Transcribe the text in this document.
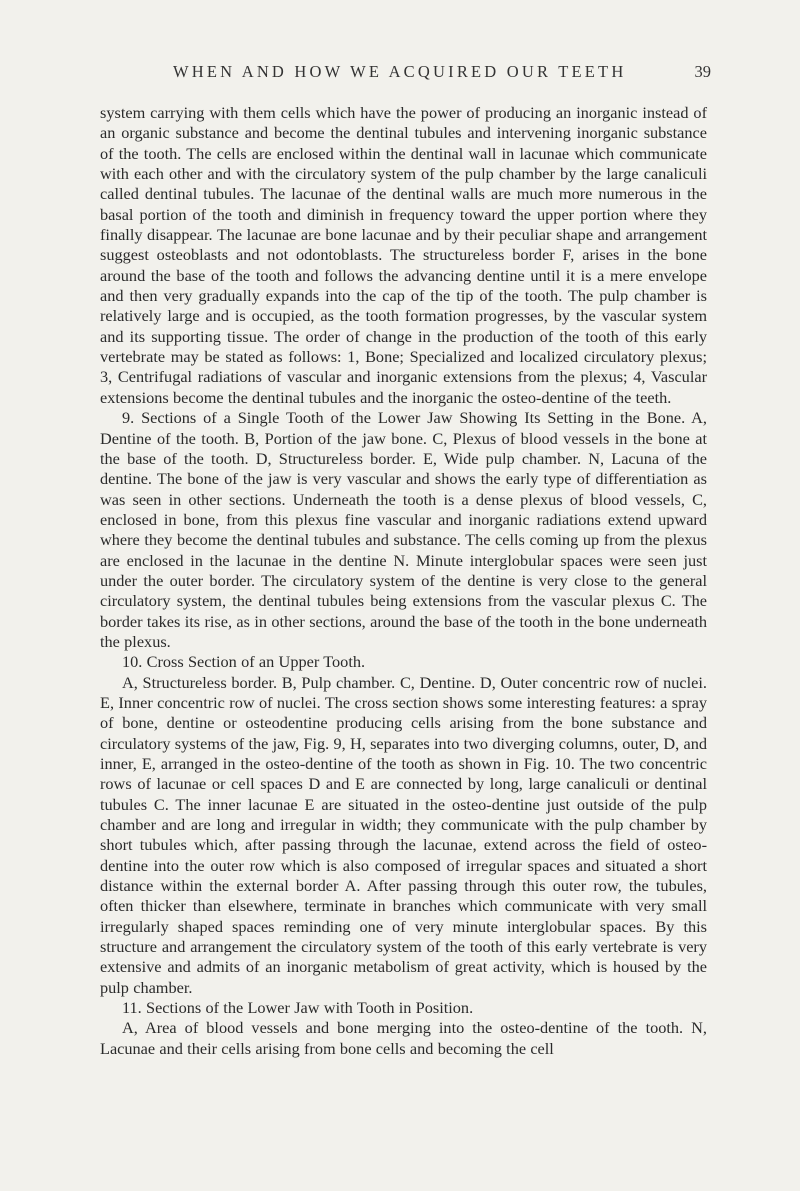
WHEN AND HOW WE ACQUIRED OUR TEETH	39

system carrying with them cells which have the power of producing an inorganic instead of an organic substance and become the dentinal tubules and intervening inorganic substance of the tooth. The cells are enclosed within the dentinal wall in lacunae which communicate with each other and with the circulatory system of the pulp chamber by the large canaliculi called dentinal tubules. The lacunae of the dentinal walls are much more numerous in the basal portion of the tooth and diminish in frequency toward the upper portion where they finally disappear. The lacunae are bone lacunae and by their peculiar shape and arrangement suggest osteoblasts and not odontoblasts. The structureless border F, arises in the bone around the base of the tooth and follows the advancing dentine until it is a mere envelope and then very gradually expands into the cap of the tip of the tooth. The pulp chamber is relatively large and is occupied, as the tooth formation progresses, by the vascular system and its supporting tissue. The order of change in the production of the tooth of this early vertebrate may be stated as follows: 1, Bone; Specialized and localized circulatory plexus; 3, Centrifugal radiations of vascular and inorganic extensions from the plexus; 4, Vascular extensions become the dentinal tubules and the inorganic the osteo-dentine of the teeth.

9. Sections of a Single Tooth of the Lower Jaw Showing Its Setting in the Bone. A, Dentine of the tooth. B, Portion of the jaw bone. C, Plexus of blood vessels in the bone at the base of the tooth. D, Structureless border. E, Wide pulp chamber. N, Lacuna of the dentine. The bone of the jaw is very vascular and shows the early type of differentiation as was seen in other sections. Underneath the tooth is a dense plexus of blood vessels, C, enclosed in bone, from this plexus fine vascular and inorganic radiations extend upward where they become the dentinal tubules and substance. The cells coming up from the plexus are enclosed in the lacunae in the dentine N. Minute interglobular spaces were seen just under the outer border. The circulatory system of the dentine is very close to the general circulatory system, the dentinal tubules being extensions from the vascular plexus C. The border takes its rise, as in other sections, around the base of the tooth in the bone underneath the plexus.

10. Cross Section of an Upper Tooth.

A, Structureless border. B, Pulp chamber. C, Dentine. D, Outer concentric row of nuclei. E, Inner concentric row of nuclei. The cross section shows some interesting features: a spray of bone, dentine or osteodentine producing cells arising from the bone substance and circulatory systems of the jaw, Fig. 9, H, separates into two diverging columns, outer, D, and inner, E, arranged in the osteo-dentine of the tooth as shown in Fig. 10. The two concentric rows of lacunae or cell spaces D and E are connected by long, large canaliculi or dentinal tubules C. The inner lacunae E are situated in the osteo-dentine just outside of the pulp chamber and are long and irregular in width; they communicate with the pulp chamber by short tubules which, after passing through the lacunae, extend across the field of osteo-dentine into the outer row which is also composed of irregular spaces and situated a short distance within the external border A. After passing through this outer row, the tubules, often thicker than elsewhere, terminate in branches which communicate with very small irregularly shaped spaces reminding one of very minute interglobular spaces. By this structure and arrangement the circulatory system of the tooth of this early vertebrate is very extensive and admits of an inorganic metabolism of great activity, which is housed by the pulp chamber.

11. Sections of the Lower Jaw with Tooth in Position.

A, Area of blood vessels and bone merging into the osteo-dentine of the tooth. N, Lacunae and their cells arising from bone cells and becoming the cell
